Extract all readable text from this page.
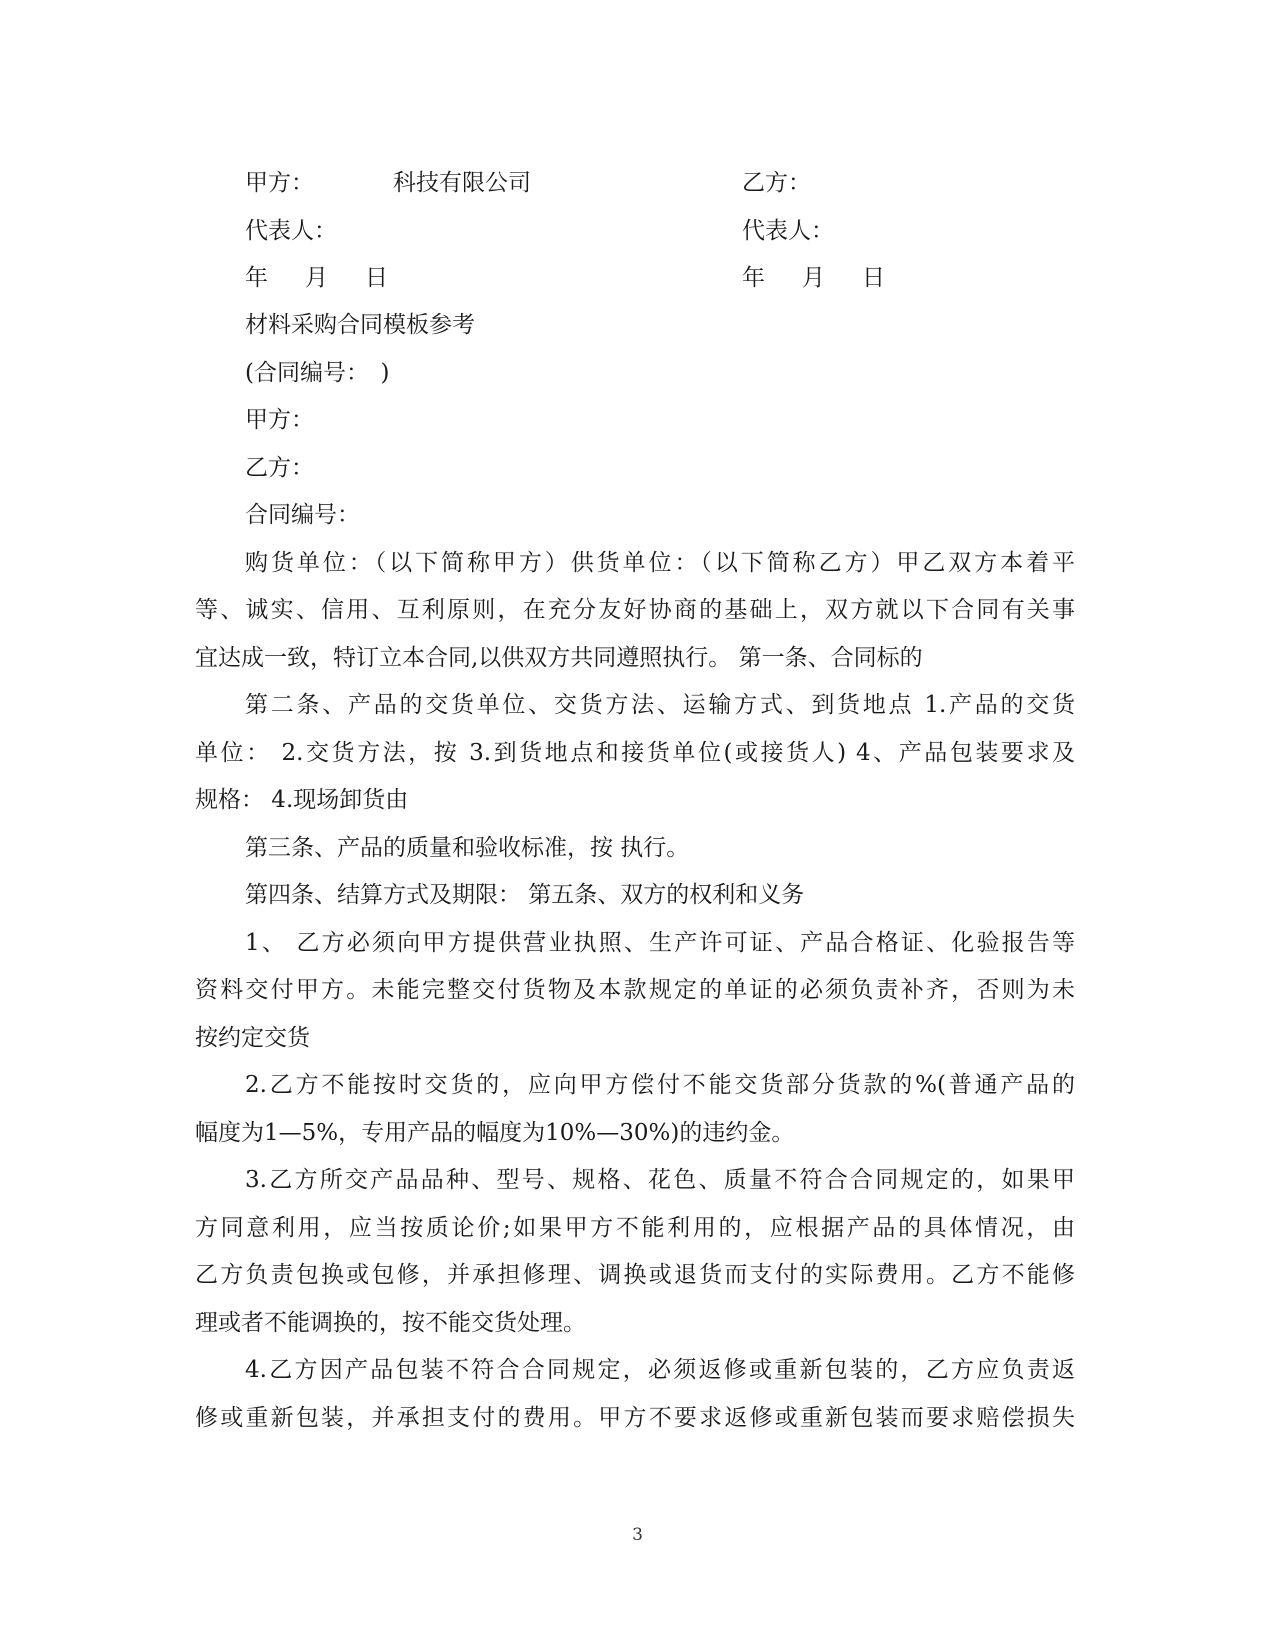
甲方：	科技有限公司	乙方：
代表人：	代表人：
年 月 日	年 月 日
材料采购合同模板参考
(合同编号：　)
甲方：
乙方：
合同编号：
购货单位：（以下简称甲方）供货单位：（以下简称乙方）甲乙双方本着平
等、诚实、信用、互利原则，在充分友好协商的基础上，双方就以下合同有关事
宜达成一致，特订立本合同,以供双方共同遵照执行。 第一条、合同标的
第二条、产品的交货单位、交货方法、运输方式、到货地点 1.产品的交货
单位： 2.交货方法，按 3.到货地点和接货单位(或接货人) 4、产品包装要求及
规格： 4.现场卸货由
第三条、产品的质量和验收标准，按 执行。
第四条、结算方式及期限： 第五条、双方的权利和义务
1、 乙方必须向甲方提供营业执照、生产许可证、产品合格证、化验报告等
资料交付甲方。未能完整交付货物及本款规定的单证的必须负责补齐，否则为未
按约定交货
2.乙方不能按时交货的，应向甲方偿付不能交货部分货款的%(普通产品的
幅度为1—5%，专用产品的幅度为10%—30%)的违约金。
3.乙方所交产品品种、型号、规格、花色、质量不符合合同规定的，如果甲
方同意利用，应当按质论价;如果甲方不能利用的，应根据产品的具体情况，由
乙方负责包换或包修，并承担修理、调换或退货而支付的实际费用。乙方不能修
理或者不能调换的，按不能交货处理。
4.乙方因产品包装不符合合同规定，必须返修或重新包装的，乙方应负责返
修或重新包装，并承担支付的费用。甲方不要求返修或重新包装而要求赔偿损失
3
